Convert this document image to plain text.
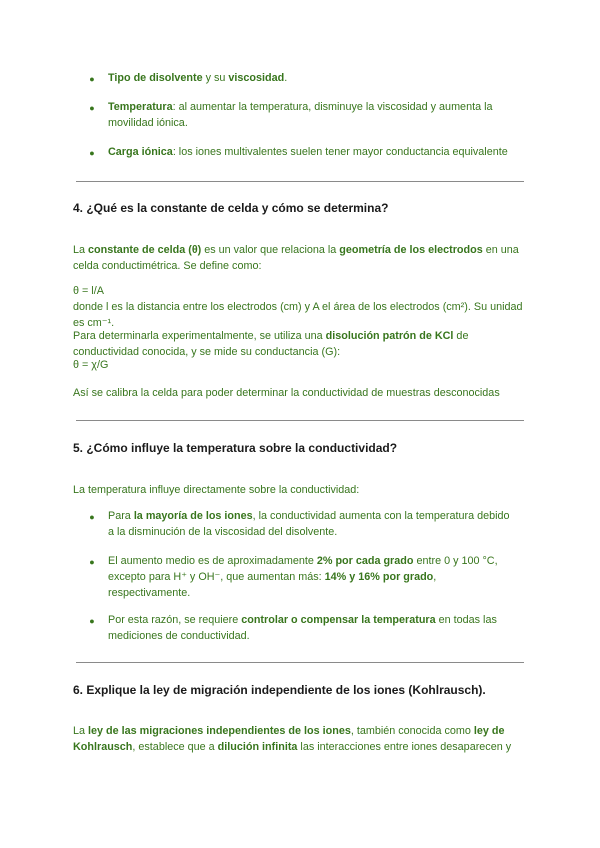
● Tipo de disolvente y su viscosidad.
● Temperatura: al aumentar la temperatura, disminuye la viscosidad y aumenta la movilidad iónica.
● Carga iónica: los iones multivalentes suelen tener mayor conductancia equivalente
4. ¿Qué es la constante de celda y cómo se determina?
La constante de celda (θ) es un valor que relaciona la geometría de los electrodos en una celda conductimétrica. Se define como:
θ = l/A
donde l es la distancia entre los electrodos (cm) y A el área de los electrodos (cm²). Su unidad es cm⁻¹.
Para determinarla experimentalmente, se utiliza una disolución patrón de KCl de conductividad conocida, y se mide su conductancia (G):
θ = χ/G
Así se calibra la celda para poder determinar la conductividad de muestras desconocidas
5. ¿Cómo influye la temperatura sobre la conductividad?
La temperatura influye directamente sobre la conductividad:
● Para la mayoría de los iones, la conductividad aumenta con la temperatura debido a la disminución de la viscosidad del disolvente.
● El aumento medio es de aproximadamente 2% por cada grado entre 0 y 100 °C, excepto para H⁺ y OH⁻, que aumentan más: 14% y 16% por grado, respectivamente.
● Por esta razón, se requiere controlar o compensar la temperatura en todas las mediciones de conductividad.
6. Explique la ley de migración independiente de los iones (Kohlrausch).
La ley de las migraciones independientes de los iones, también conocida como ley de Kohlrausch, establece que a dilución infinita las interacciones entre iones desaparecen y
